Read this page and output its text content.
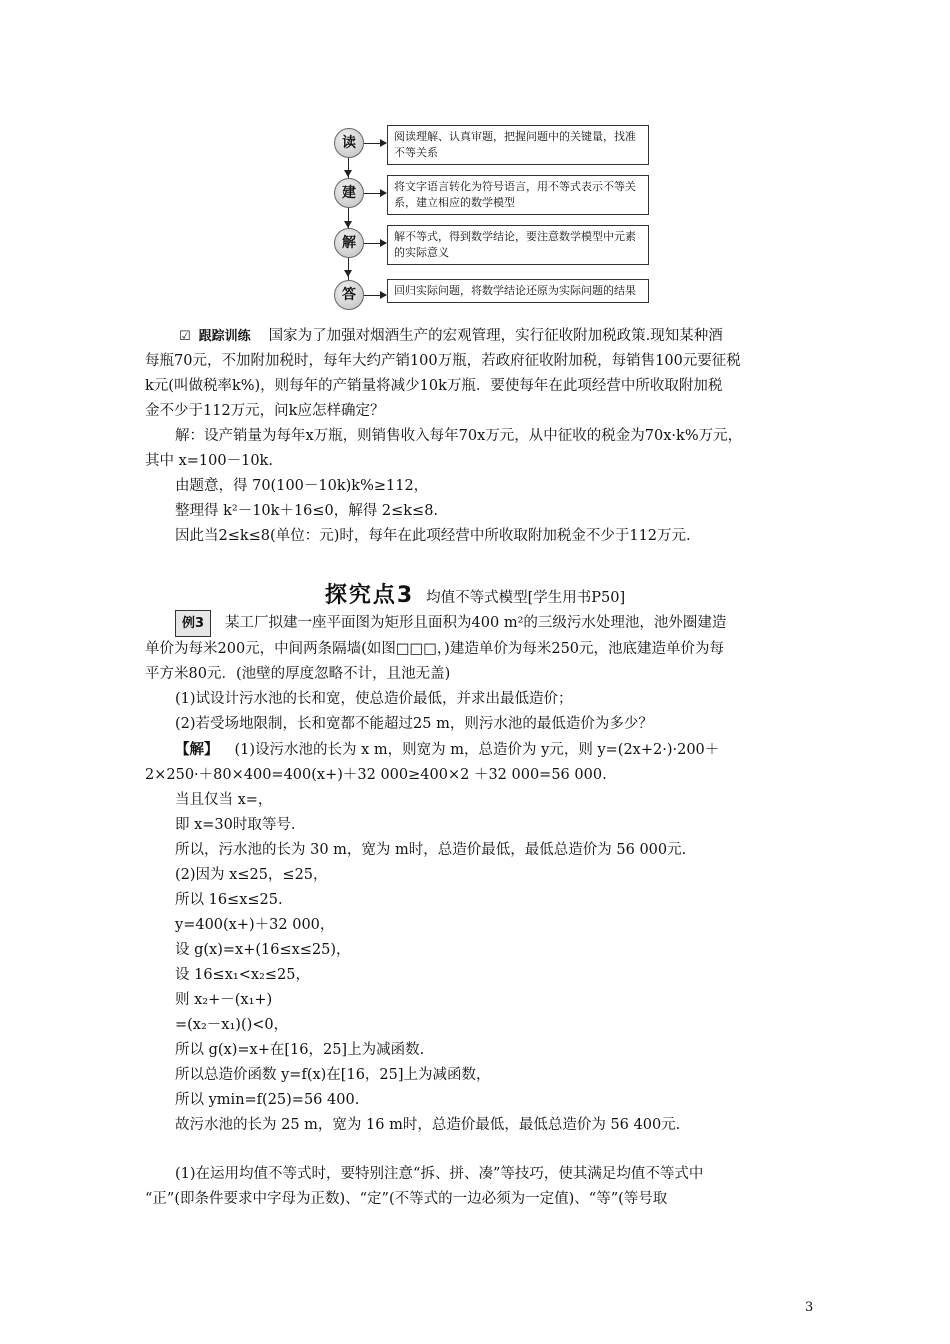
读	阅读理解、认真审题，把握问题中的关键量，找准不等关系
建	将文字语言转化为符号语言，用不等式表示不等关系，建立相应的数学模型
解	解不等式，得到数学结论，要注意数学模型中元素的实际意义
答	回归实际问题，将数学结论还原为实际问题的结果

☑ 跟踪训练 国家为了加强对烟酒生产的宏观管理，实行征收附加税政策.现知某种酒

每瓶70元，不加附加税时，每年大约产销100万瓶，若政府征收附加税，每销售100元要征税

k元(叫做税率k%)，则每年的产销量将减少10k万瓶．要使每年在此项经营中所收取附加税

金不少于112万元，问k应怎样确定？

解：设产销量为每年x万瓶，则销售收入每年70x万元，从中征收的税金为70x·k%万元，

其中 x=100－10k.

由题意，得 70(100－10k)k%≥112，

整理得 k²－10k＋16≤0，解得 2≤k≤8.

因此当2≤k≤8(单位：元)时，每年在此项经营中所收取附加税金不少于112万元.

探究点3 均值不等式模型[学生用书P50]

例3 某工厂拟建一座平面图为矩形且面积为400 m²的三级污水处理池，池外圈建造

单价为每米200元，中间两条隔墙(如图□□□，)建造单价为每米250元，池底建造单价为每

平方米80元．(池壁的厚度忽略不计，且池无盖)

(1)试设计污水池的长和宽，使总造价最低，并求出最低造价；

(2)若受场地限制，长和宽都不能超过25 m，则污水池的最低造价为多少？

【解】 (1)设污水池的长为 x m，则宽为 m，总造价为 y元，则 y=(2x+2·)·200＋

2×250·＋80×400=400(x+)＋32 000≥400×2 ＋32 000=56 000.

当且仅当 x=，

即 x=30时取等号.

所以，污水池的长为 30 m，宽为 m时，总造价最低，最低总造价为 56 000元.

(2)因为 x≤25，≤25，

所以 16≤x≤25.

y=400(x+)＋32 000，

设 g(x)=x+(16≤x≤25)，

设 16≤x₁<x₂≤25，

则 x₂+－(x₁+)

=(x₂－x₁)()<0，

所以 g(x)=x+在[16，25]上为减函数.

所以总造价函数 y=f(x)在[16，25]上为减函数，

所以 ymin=f(25)=56 400.

故污水池的长为 25 m，宽为 16 m时，总造价最低，最低总造价为 56 400元.

(1)在运用均值不等式时，要特别注意“拆、拼、凑”等技巧，使其满足均值不等式中

“正”(即条件要求中字母为正数)、“定”(不等式的一边必须为一定值)、“等”(等号取

3
